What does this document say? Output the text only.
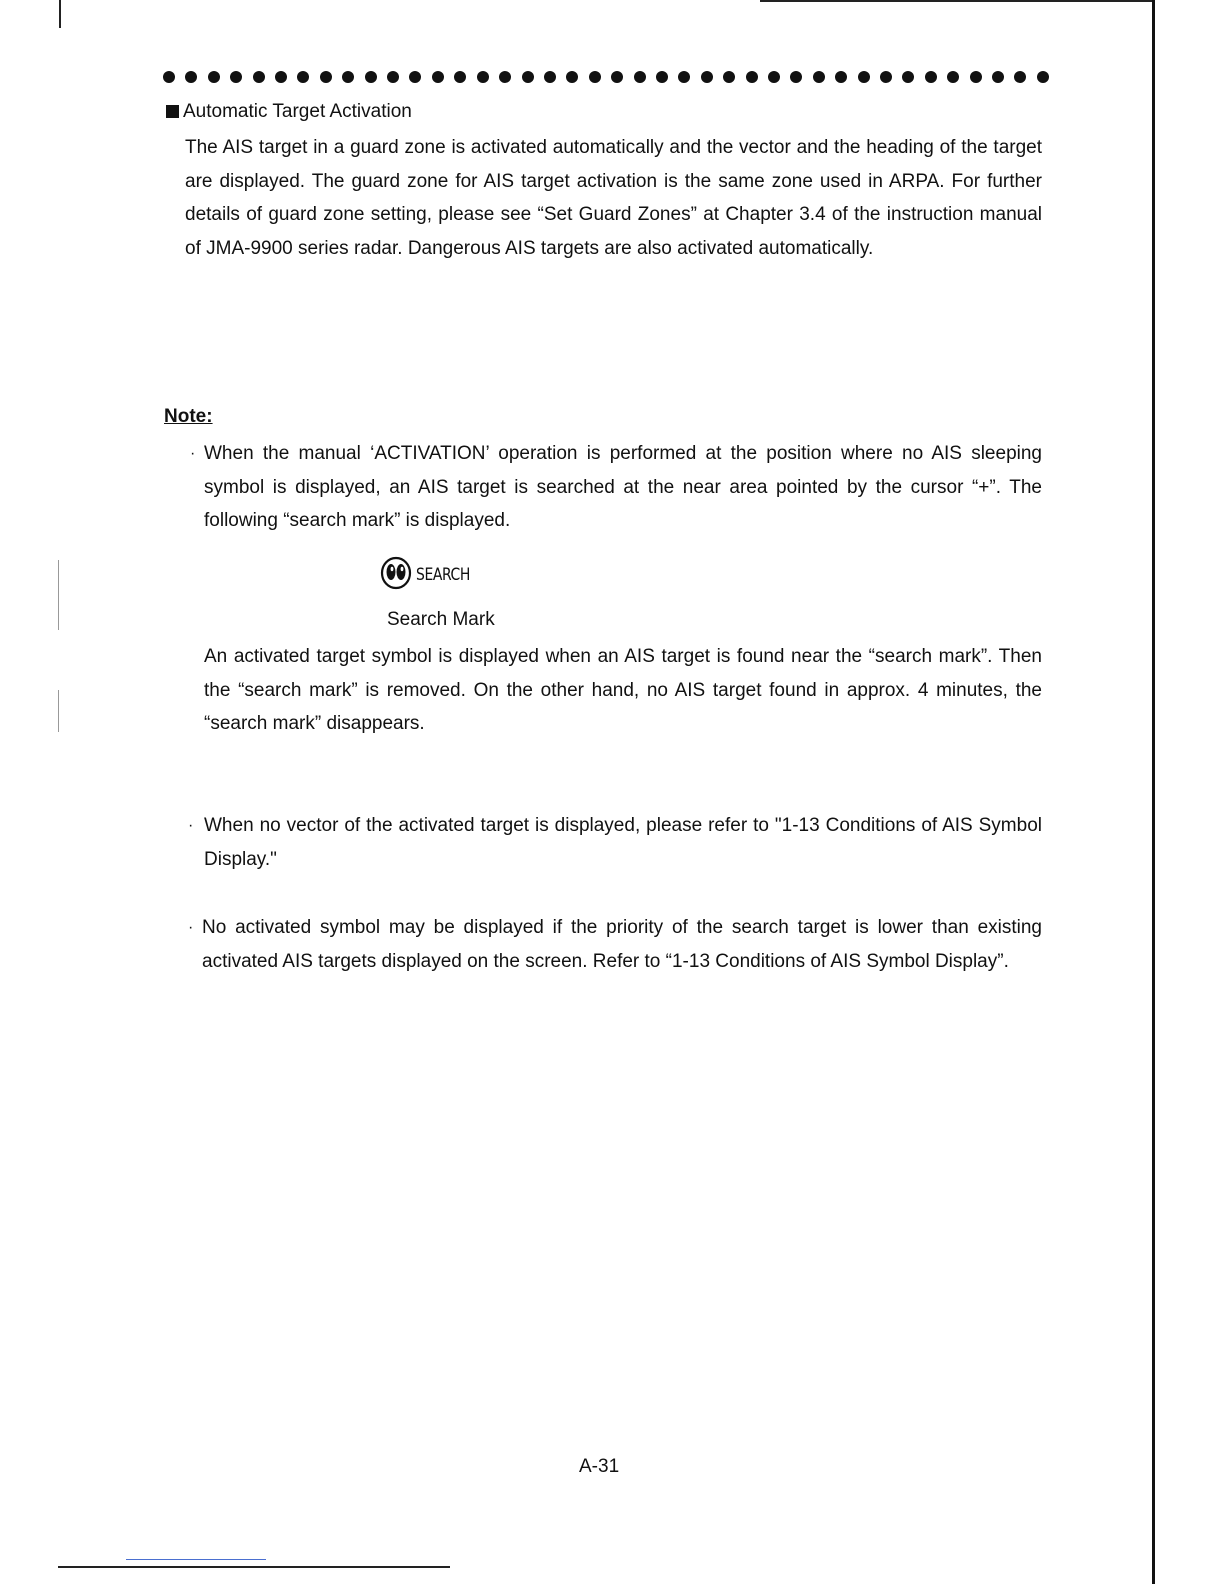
Automatic Target Activation

The AIS target in a guard zone is activated automatically and the vector and the heading of the target are displayed. The guard zone for AIS target activation is the same zone used in ARPA. For further details of guard zone setting, please see “Set Guard Zones” at Chapter 3.4 of the instruction manual of JMA-9900 series radar. Dangerous AIS targets are also activated automatically.

Note:
· When the manual ‘ACTIVATION’ operation is performed at the position where no AIS sleeping symbol is displayed, an AIS target is searched at the near area pointed by the cursor “+”. The following “search mark” is displayed.

SEARCH
Search Mark

An activated target symbol is displayed when an AIS target is found near the “search mark”. Then the “search mark” is removed. On the other hand, no AIS target found in approx. 4 minutes, the “search mark” disappears.

· When no vector of the activated target is displayed, please refer to "1-13 Conditions of AIS Symbol Display."

· No activated symbol may be displayed if the priority of the search target is lower than existing activated AIS targets displayed on the screen. Refer to “1-13 Conditions of AIS Symbol Display”.

A-31
